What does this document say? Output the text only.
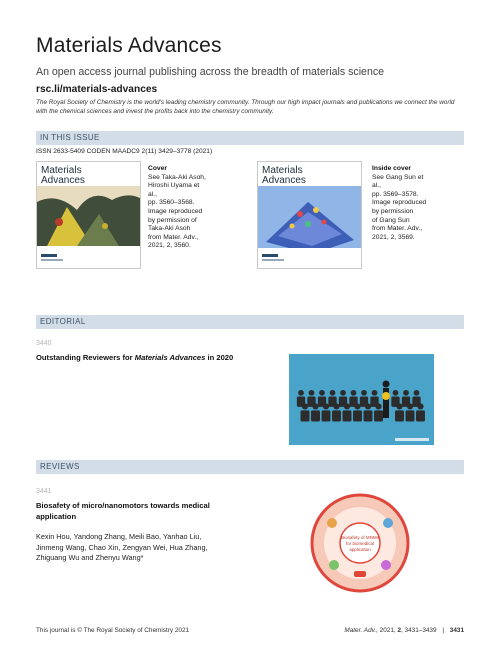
Materials Advances
An open access journal publishing across the breadth of materials science
rsc.li/materials-advances
The Royal Society of Chemistry is the world's leading chemistry community. Through our high impact journals and publications we connect the world with the chemical sciences and invest the profits back into the chemistry community.
IN THIS ISSUE
ISSN 2633-5409 CODEN MAADC9 2(11) 3429–3778 (2021)
Materials
Advances
Cover
See Taka-Aki Asoh,
Hiroshi Uyama et al.,
pp. 3560–3568.
Image reproduced
by permission of
Taka-Aki Asoh
from Mater. Adv.,
2021, 2, 3560.
Materials
Advances
Inside cover
See Gang Sun et al.,
pp. 3569–3578.
Image reproduced
by permission
of Gang Sun
from Mater. Adv.,
2021, 2, 3569.
EDITORIAL
3440
Outstanding Reviewers for Materials Advances in 2020
REVIEWS
3441
Biosafety of micro/nanomotors towards medical
application
Kexin Hou, Yandong Zhang, Meili Bao, Yanhao Liu,
Jinmeng Wang, Chao Xin, Zengyan Wei, Hua Zhang,
Zhiguang Wu and Zhenyu Wang*
Biosafety of MNMs
for biomedical
application
This journal is © The Royal Society of Chemistry 2021	Mater. Adv., 2021, 2, 3431–3439 | 3431
